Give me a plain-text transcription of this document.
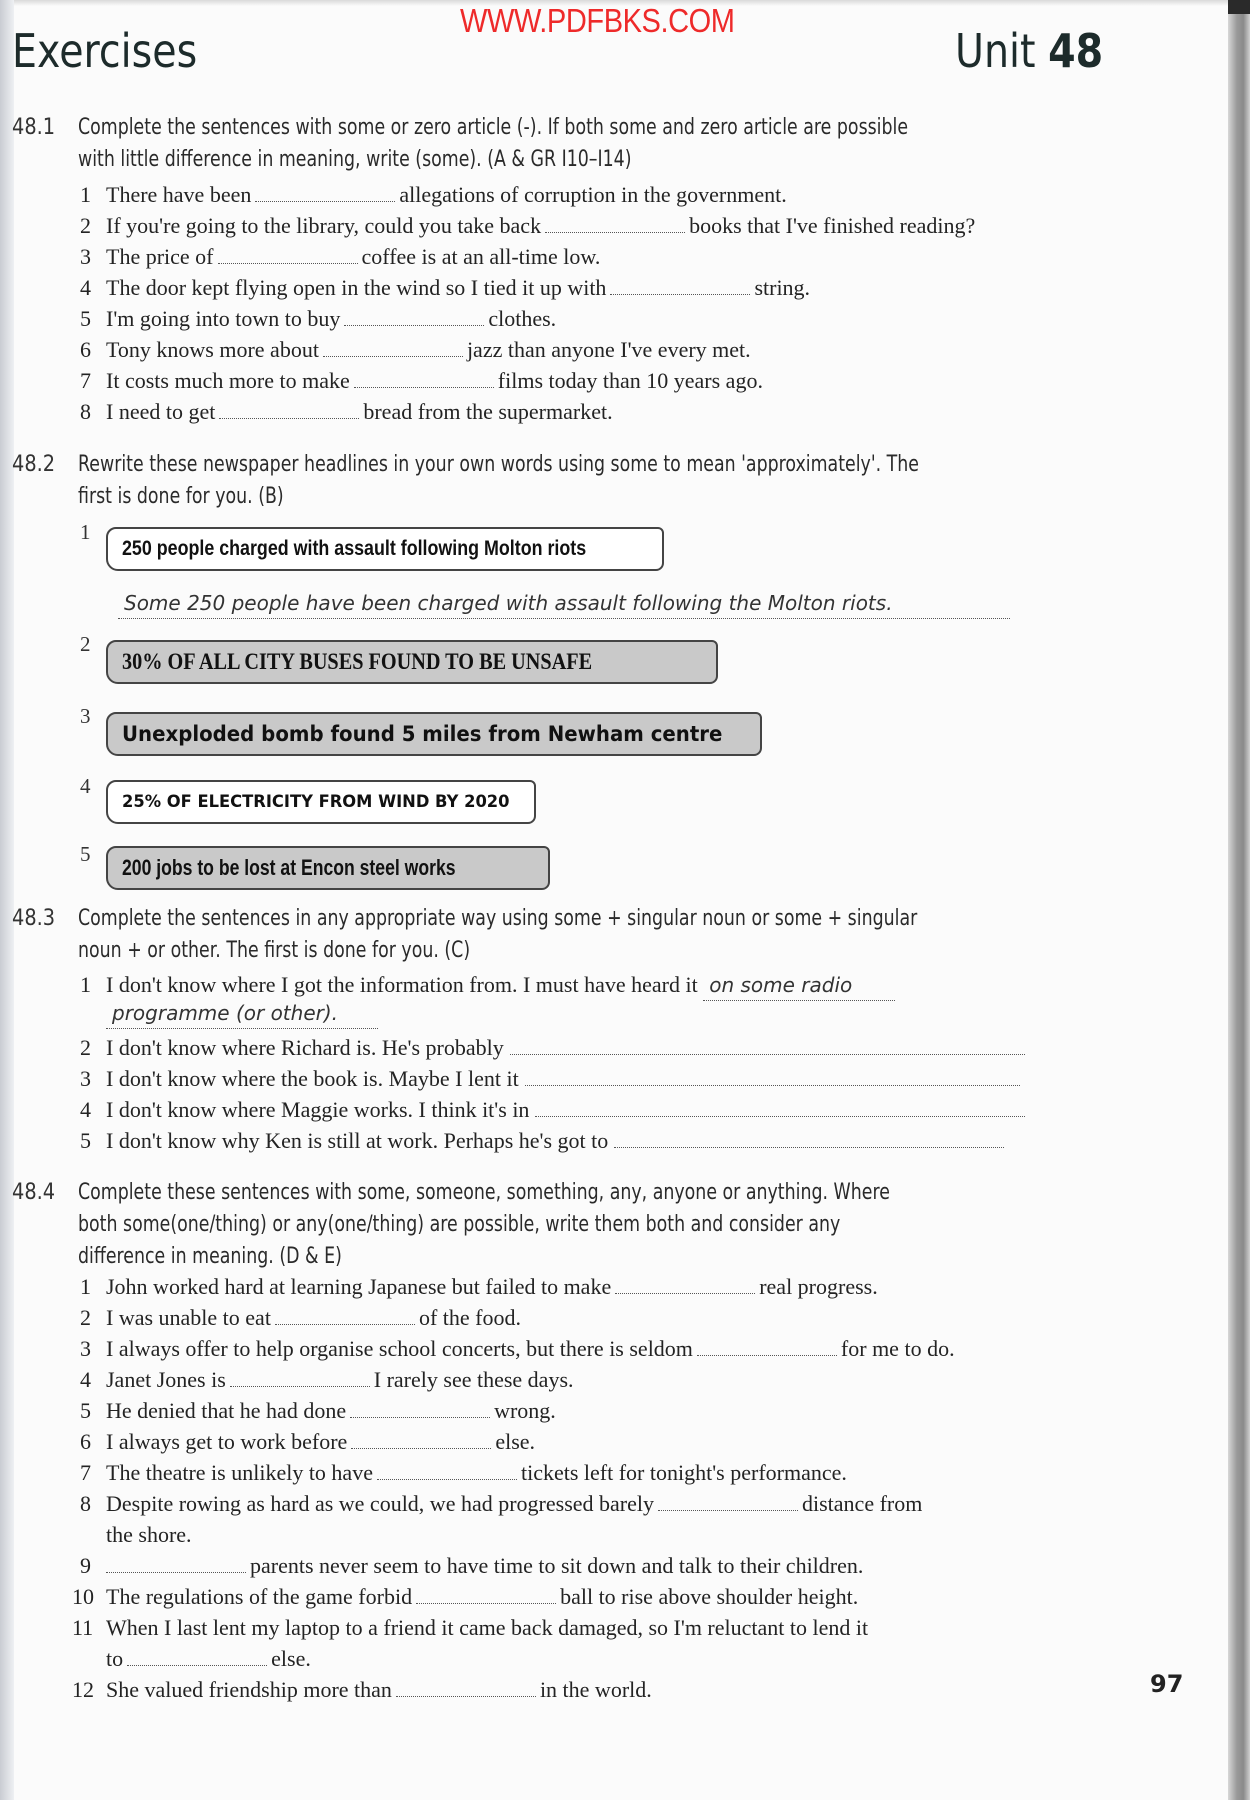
WWW.PDFBKS.COM
Exercises	Unit 48
48.1 Complete the sentences with some or zero article (-). If both some and zero article are possible
with little difference in meaning, write (some). (A & GR I10–I14)
1 There have been	allegations of corruption in the government.
2 If you're going to the library, could you take back	books that I've finished reading?
3 The price of	coffee is at an all-time low.
4 The door kept flying open in the wind so I tied it up with	string.
5 I'm going into town to buy	clothes.
6 Tony knows more about	jazz than anyone I've every met.
7 It costs much more to make	films today than 10 years ago.
8 I need to get	bread from the supermarket.
48.2 Rewrite these newspaper headlines in your own words using some to mean 'approximately'. The
first is done for you. (B)
1
250 people charged with assault following Molton riots
Some 250 people have been charged with assault following the Molton riots.
2
30% OF ALL CITY BUSES FOUND TO BE UNSAFE
3
Unexploded bomb found 5 miles from Newham centre
4
25% OF ELECTRICITY FROM WIND BY 2020
5
200 jobs to be lost at Encon steel works
48.3 Complete the sentences in any appropriate way using some + singular noun or some + singular
noun + or other. The first is done for you. (C)
1 I don't know where I got the information from. I must have heard it on some radio
programme (or other).
2 I don't know where Richard is. He's probably
3 I don't know where the book is. Maybe I lent it
4 I don't know where Maggie works. I think it's in
5 I don't know why Ken is still at work. Perhaps he's got to
48.4 Complete these sentences with some, someone, something, any, anyone or anything. Where
both some(one/thing) or any(one/thing) are possible, write them both and consider any
difference in meaning. (D & E)
1 John worked hard at learning Japanese but failed to make	real progress.
2 I was unable to eat	of the food.
3 I always offer to help organise school concerts, but there is seldom	for me to do.
4 Janet Jones is	I rarely see these days.
5 He denied that he had done	wrong.
6 I always get to work before	else.
7 The theatre is unlikely to have	tickets left for tonight's performance.
8 Despite rowing as hard as we could, we had progressed barely	distance from
the shore.
9	parents never seem to have time to sit down and talk to their children.
10 The regulations of the game forbid	ball to rise above shoulder height.
11 When I last lent my laptop to a friend it came back damaged, so I'm reluctant to lend it
to	else.
12 She valued friendship more than	in the world.	97
